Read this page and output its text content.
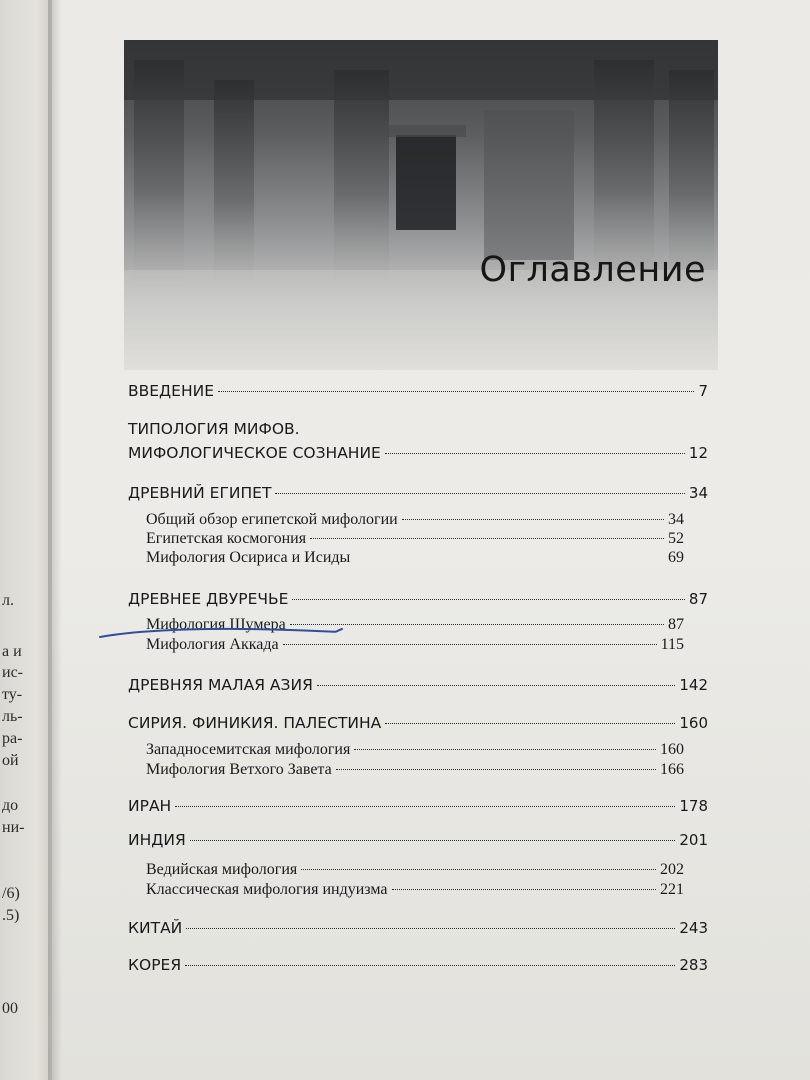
л.
а и
ис-
ту-
ль-
ра-
ой
до
ни-
/6)
.5)
00
Оглавление
ВВЕДЕНИЕ	7
ТИПОЛОГИЯ МИФОВ.
МИФОЛОГИЧЕСКОЕ СОЗНАНИЕ	12
ДРЕВНИЙ ЕГИПЕТ	34
Общий обзор египетской мифологии	34
Египетская космогония	52
Мифология Осириса и Исиды	69
ДРЕВНЕЕ ДВУРЕЧЬЕ	87
Мифология Шумера	87
Мифология Аккада	115
ДРЕВНЯЯ МАЛАЯ АЗИЯ	142
СИРИЯ. ФИНИКИЯ. ПАЛЕСТИНА	160
Западносемитская мифология	160
Мифология Ветхого Завета	166
ИРАН	178
ИНДИЯ	201
Ведийская мифология	202
Классическая мифология индуизма	221
КИТАЙ	243
КОРЕЯ	283
